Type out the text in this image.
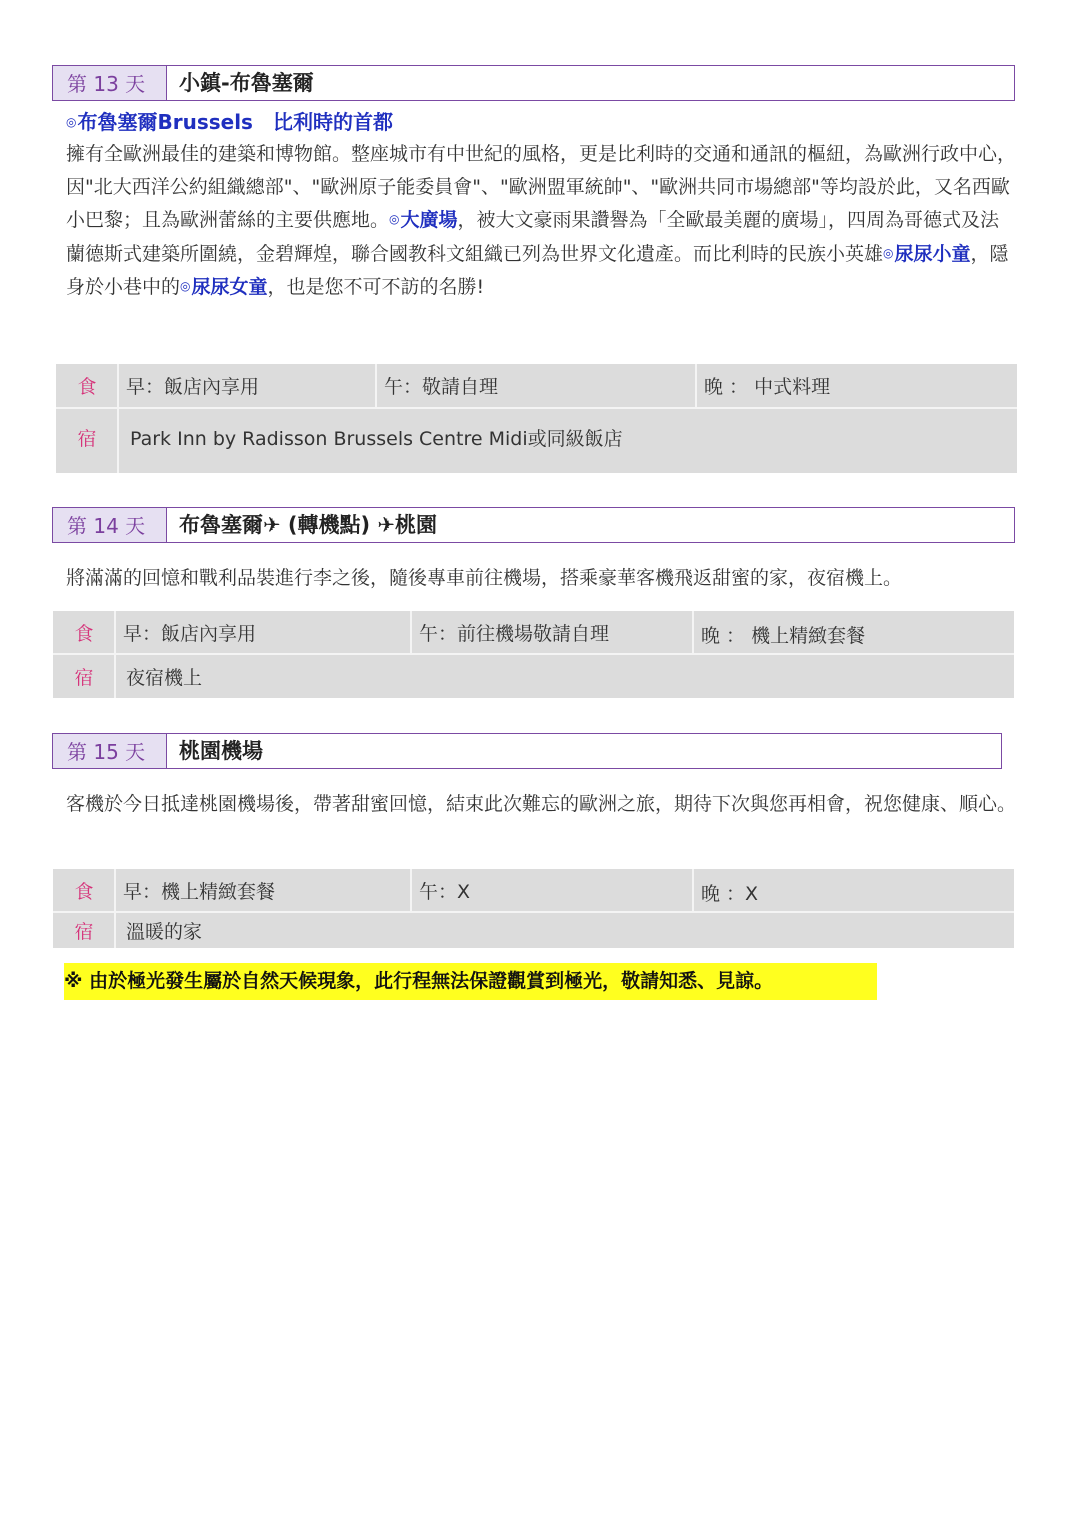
第 13 天	小鎮-布魯塞爾
◎布魯塞爾Brussels　比利時的首都
擁有全歐洲最佳的建築和博物館。整座城市有中世紀的風格，更是比利時的交通和通訊的樞紐，為歐洲行政中心，因"北大西洋公約組織總部"、"歐洲原子能委員會"、"歐洲盟軍統帥"、"歐洲共同市場總部"等均設於此，又名西歐小巴黎；且為歐洲蕾絲的主要供應地。◎大廣場，被大文豪雨果讚譽為「全歐最美麗的廣場」，四周為哥德式及法蘭德斯式建築所圍繞，金碧輝煌，聯合國教科文組織已列為世界文化遺產。而比利時的民族小英雄◎尿尿小童，隱身於小巷中的◎尿尿女童，也是您不可不訪的名勝!
食	早：飯店內享用	午：敬請自理	晚 ： 中式料理
宿	Park Inn by Radisson Brussels Centre Midi或同級飯店
第 14 天	布魯塞爾✈ (轉機點) ✈桃園
將滿滿的回憶和戰利品裝進行李之後，隨後專車前往機場，搭乘豪華客機飛返甜蜜的家，夜宿機上。
食	早：飯店內享用	午：前往機場敬請自理	晚 ： 機上精緻套餐
宿	夜宿機上
第 15 天	桃園機場
客機於今日抵達桃園機場後，帶著甜蜜回憶，結束此次難忘的歐洲之旅，期待下次與您再相會，祝您健康、順心。
食	早：機上精緻套餐	午：X	晚 ：X
宿	溫暖的家
※ 由於極光發生屬於自然天候現象，此行程無法保證觀賞到極光，敬請知悉、見諒。
